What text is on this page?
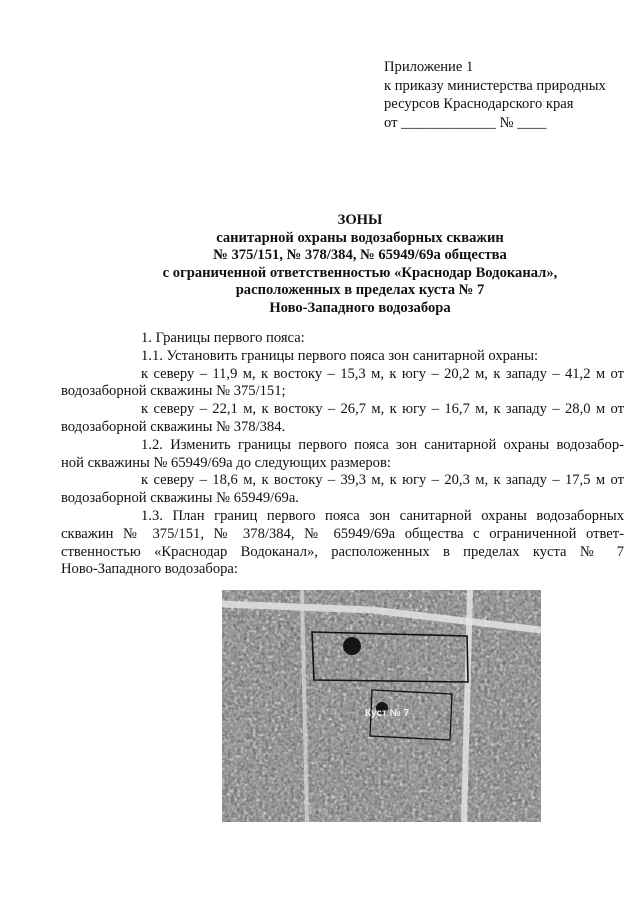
Приложение 1
к приказу министерства природных
ресурсов Краснодарского края
от _____________ № ____
ЗОНЫ
санитарной охраны водозаборных скважин
№ 375/151, № 378/384, № 65949/69а общества
с ограниченной ответственностью «Краснодар Водоканал»,
расположенных в пределах куста № 7
Ново-Западного водозабора

1. Границы первого пояса:

1.1. Установить границы первого пояса зон санитарной охраны:

к северу – 11,9 м, к востоку – 15,3 м, к югу – 20,2 м, к западу – 41,2 м от

водозаборной скважины № 375/151;

к северу – 22,1 м, к востоку – 26,7 м, к югу – 16,7 м, к западу – 28,0 м от

водозаборной скважины № 378/384.

1.2. Изменить границы первого пояса зон санитарной охраны водозабор-

ной скважины № 65949/69а до следующих размеров:

к северу – 18,6 м, к востоку – 39,3 м, к югу – 20,3 м, к западу – 17,5 м от

водозаборной скважины № 65949/69а.

1.3. План границ первого пояса зон санитарной охраны водозаборных

скважин № 375/151, № 378/384, № 65949/69а общества с ограниченной ответ-

ственностью «Краснодар Водоканал», расположенных в пределах куста № 7

Ново-Западного водозабора:

Куст № 7
